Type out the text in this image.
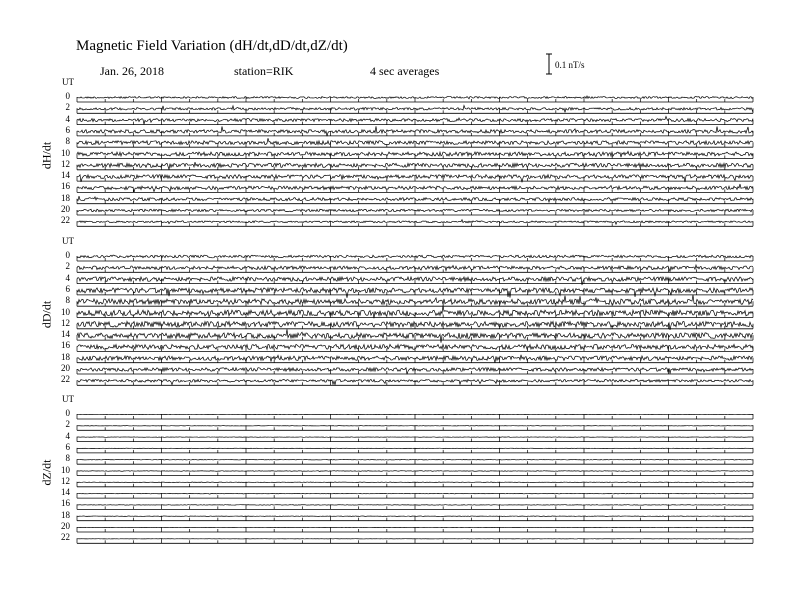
Magnetic Field Variation (dH/dt,dD/dt,dZ/dt)
Jan. 26, 2018	station=RIK	4 sec averages	0.1 nT/s
UT
dH/dt
0
2
4
6
8
10
12
14
16
18
20
22
UT
dD/dt
0
2
4
6
8
10
12
14
16
18
20
22
UT
dZ/dt
0
2
4
6
8
10
12
14
16
18
20
22
